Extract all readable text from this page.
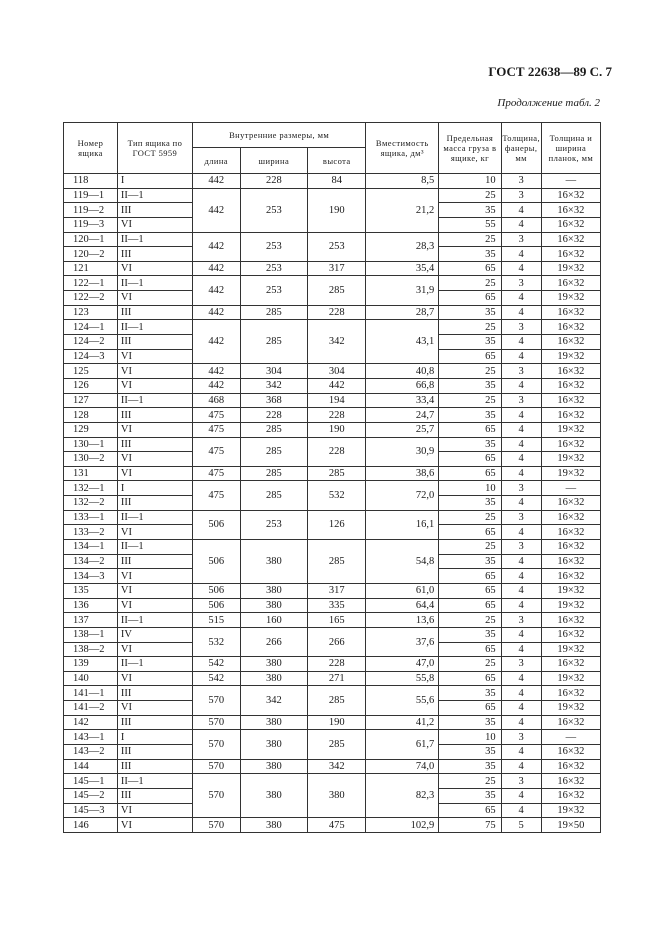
ГОСТ 22638—89 С. 7
Продолжение табл. 2
Номер ящика	Тип ящика по ГОСТ 5959	Внутренние размеры, мм			Вместимость ящика, дм³	Предельная масса груза в ящике, кг	Толщина, фанеры, мм	Толщина и ширина планок, мм
		длина	ширина	высота				
118	I	442	228	84	8,5	10	3	—
119—1	II—1	442	253	190	21,2	25	3	16×32
119—2	III					35	4	16×32
119—3	VI					55	4	16×32
120—1	II—1	442	253	253	28,3	25	3	16×32
120—2	III					35	4	16×32
121	VI	442	253	317	35,4	65	4	19×32
122—1	II—1	442	253	285	31,9	25	3	16×32
122—2	VI					65	4	19×32
123	III	442	285	228	28,7	35	4	16×32
124—1	II—1	442	285	342	43,1	25	3	16×32
124—2	III					35	4	16×32
124—3	VI					65	4	19×32
125	VI	442	304	304	40,8	25	3	16×32
126	VI	442	342	442	66,8	35	4	16×32
127	II—1	468	368	194	33,4	25	3	16×32
128	III	475	228	228	24,7	35	4	16×32
129	VI	475	285	190	25,7	65	4	19×32
130—1	III	475	285	228	30,9	35	4	16×32
130—2	VI					65	4	19×32
131	VI	475	285	285	38,6	65	4	19×32
132—1	I	475	285	532	72,0	10	3	—
132—2	III					35	4	16×32
133—1	II—1	506	253	126	16,1	25	3	16×32
133—2	VI					65	4	16×32
134—1	II—1	506	380	285	54,8	25	3	16×32
134—2	III					35	4	16×32
134—3	VI					65	4	16×32
135	VI	506	380	317	61,0	65	4	19×32
136	VI	506	380	335	64,4	65	4	19×32
137	II—1	515	160	165	13,6	25	3	16×32
138—1	IV	532	266	266	37,6	35	4	16×32
138—2	VI					65	4	19×32
139	II—1	542	380	228	47,0	25	3	16×32
140	VI	542	380	271	55,8	65	4	19×32
141—1	III	570	342	285	55,6	35	4	16×32
141—2	VI					65	4	19×32
142	III	570	380	190	41,2	35	4	16×32
143—1	I	570	380	285	61,7	10	3	—
143—2	III					35	4	16×32
144	III	570	380	342	74,0	35	4	16×32
145—1	II—1	570	380	380	82,3	25	3	16×32
145—2	III					35	4	16×32
145—3	VI					65	4	19×32
146	VI	570	380	475	102,9	75	5	19×50
